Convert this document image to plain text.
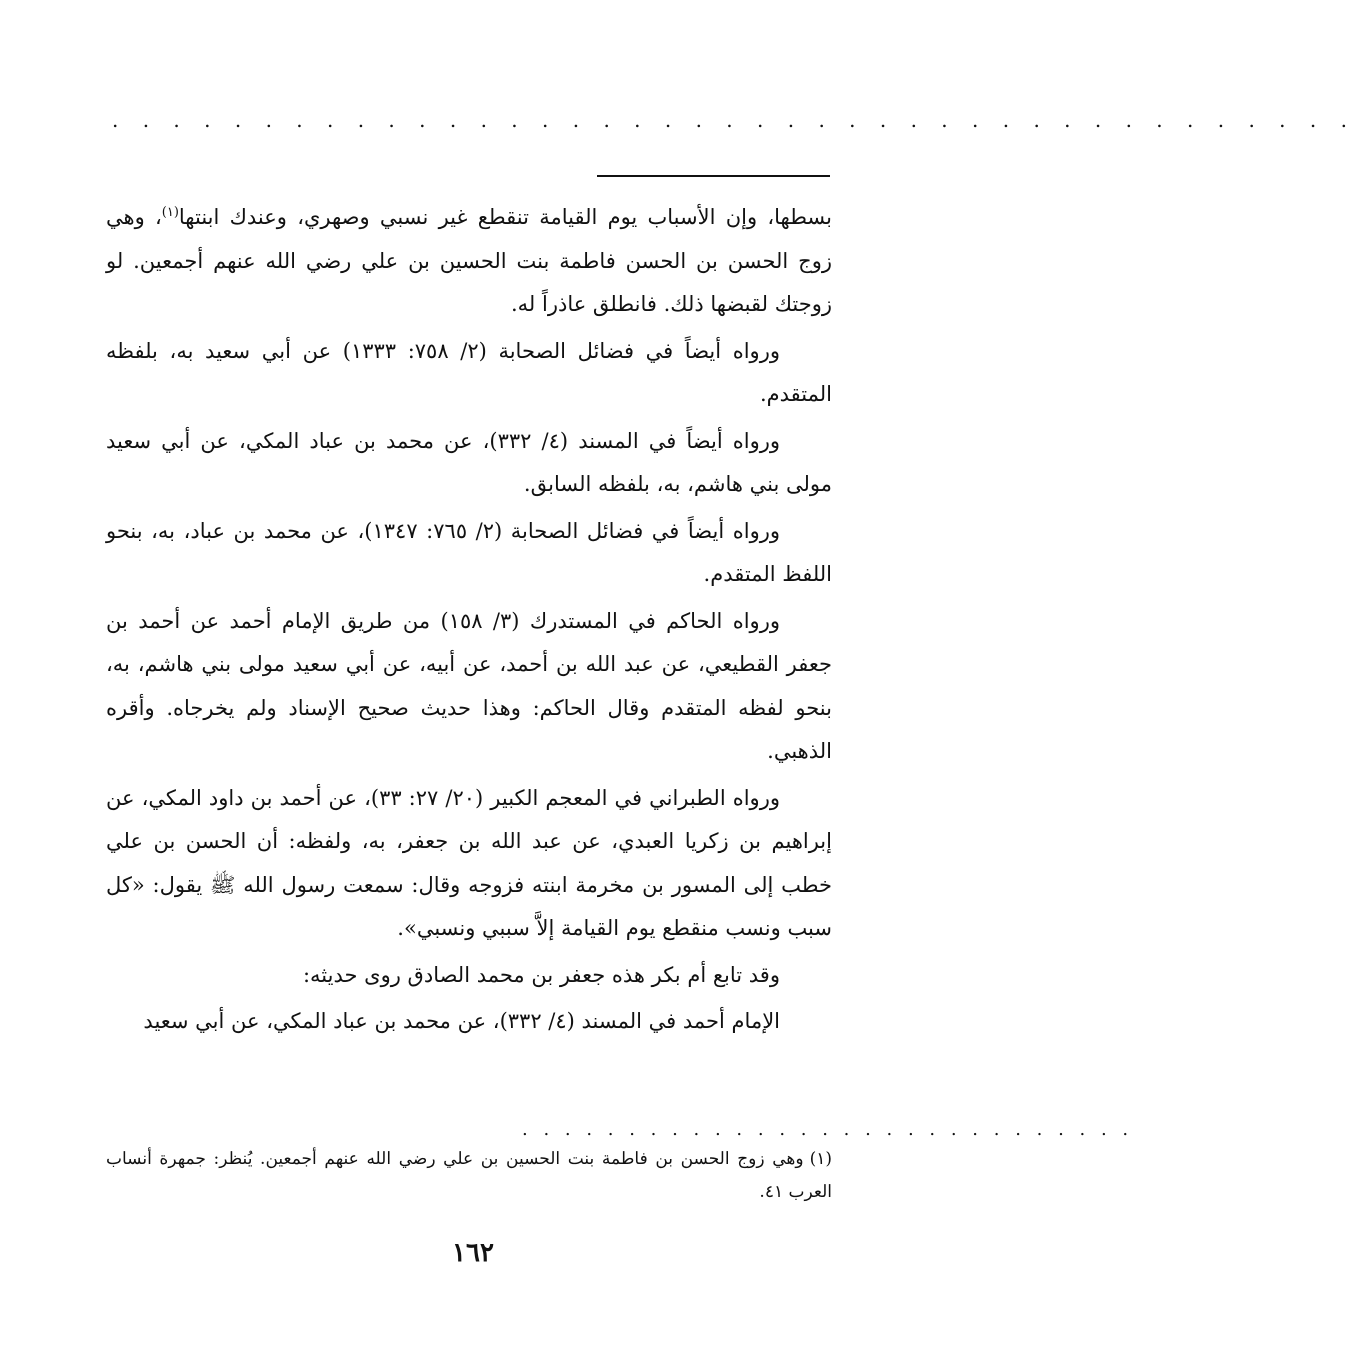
. . . . . . . . . . . . . . . . . . . . . . . . . . . . . . . . . . . . . . . . .

بسطها، وإن الأسباب يوم القيامة تنقطع غير نسبي وصهري، وعندك ابنتها$^{(١)}$، وهي زوج الحسن بن الحسن فاطمة بنت الحسين بن علي رضي الله عنهم أجمعين. لو زوجتك لقبضها ذلك. فانطلق عاذراً له.

ورواه أيضاً في فضائل الصحابة (٢/ ٧٥٨: ١٣٣٣) عن أبي سعيد به، بلفظه المتقدم.

ورواه أيضاً في المسند (٤/ ٣٣٢)، عن محمد بن عباد المكي، عن أبي سعيد مولى بني هاشم، به، بلفظه السابق.

ورواه أيضاً في فضائل الصحابة (٢/ ٧٦٥: ١٣٤٧)، عن محمد بن عباد، به، بنحو اللفظ المتقدم.

ورواه الحاكم في المستدرك (٣/ ١٥٨) من طريق الإمام أحمد عن أحمد بن جعفر القطيعي، عن عبد الله بن أحمد، عن أبيه، عن أبي سعيد مولى بني هاشم، به، بنحو لفظه المتقدم وقال الحاكم: وهذا حديث صحيح الإسناد ولم يخرجاه. وأقره الذهبي.

ورواه الطبراني في المعجم الكبير (٢٠/ ٢٧: ٣٣)، عن أحمد بن داود المكي، عن إبراهيم بن زكريا العبدي، عن عبد الله بن جعفر، به، ولفظه: أن الحسن بن علي خطب إلى المسور بن مخرمة ابنته فزوجه وقال: سمعت رسول الله ﷺ يقول: «كل سبب ونسب منقطع يوم القيامة إلاَّ سببي ونسبي».

وقد تابع أم بكر هذه جعفر بن محمد الصادق روى حديثه:

الإمام أحمد في المسند (٤/ ٣٣٢)، عن محمد بن عباد المكي، عن أبي سعيد

. . . . . . . . . . . . . . . . . . . . . . . . . . . . .

(١)وهي زوج الحسن بن فاطمة بنت الحسين بن علي رضي الله عنهم أجمعين. يُنظر: جمهرة أنساب العرب ٤١.

١٦٢
